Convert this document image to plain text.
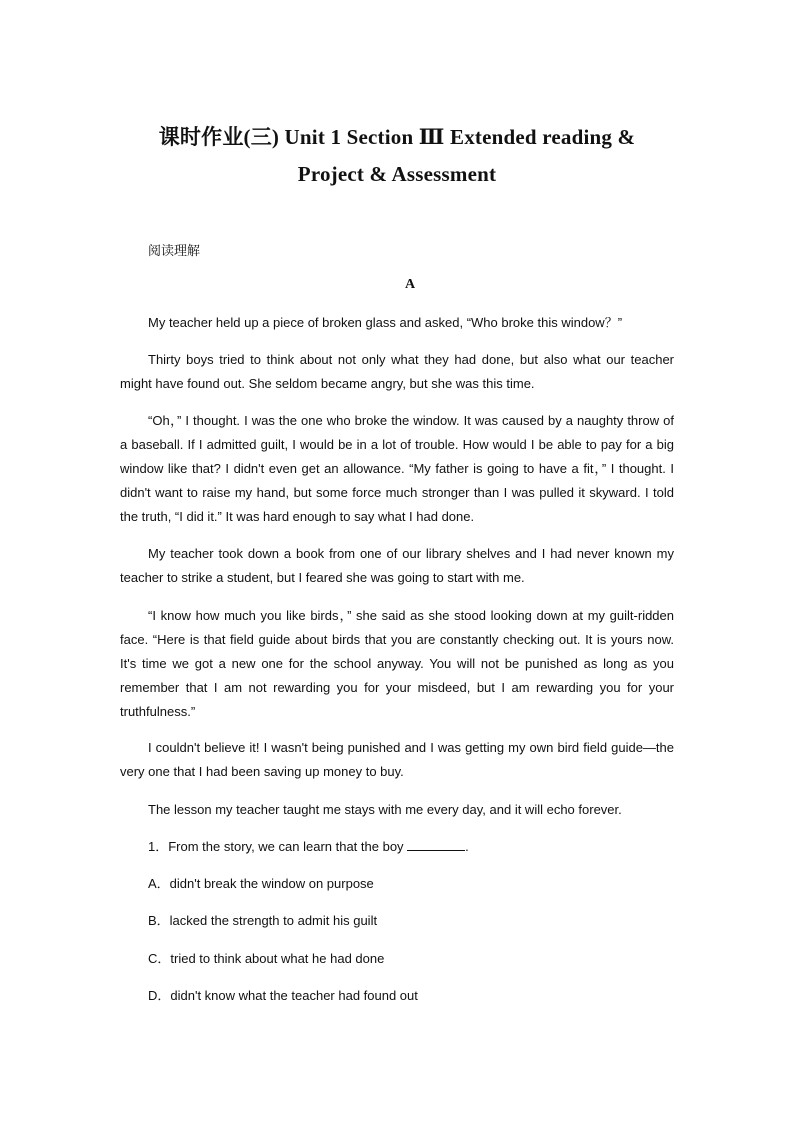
课时作业(三) Unit 1 Section Ⅲ Extended reading &
Project & Assessment
阅读理解
A

My teacher held up a piece of broken glass and asked, “Who broke this window？”

Thirty boys tried to think about not only what they had done, but also what our teacher might have found out. She seldom became angry, but she was this time.

“Oh，” I thought. I was the one who broke the window. It was caused by a naughty throw of a baseball. If I admitted guilt, I would be in a lot of trouble. How would I be able to pay for a big window like that? I didn't even get an allowance. “My father is going to have a fit，” I thought. I didn't want to raise my hand, but some force much stronger than I was pulled it skyward. I told the truth, “I did it.” It was hard enough to say what I had done.

My teacher took down a book from one of our library shelves and I had never known my teacher to strike a student, but I feared she was going to start with me.

“I know how much you like birds，” she said as she stood looking down at my guilt-ridden face. “Here is that field guide about birds that you are constantly checking out. It is yours now. It's time we got a new one for the school anyway. You will not be punished as long as you remember that I am not rewarding you for your misdeed, but I am rewarding you for your truthfulness.”

I couldn't believe it! I wasn't being punished and I was getting my own bird field guide—the very one that I had been saving up money to buy.

The lesson my teacher taught me stays with me every day, and it will echo forever.

1．From the story, we can learn that the boy	.
A．didn't break the window on purpose
B．lacked the strength to admit his guilt
C．tried to think about what he had done
D．didn't know what the teacher had found out
